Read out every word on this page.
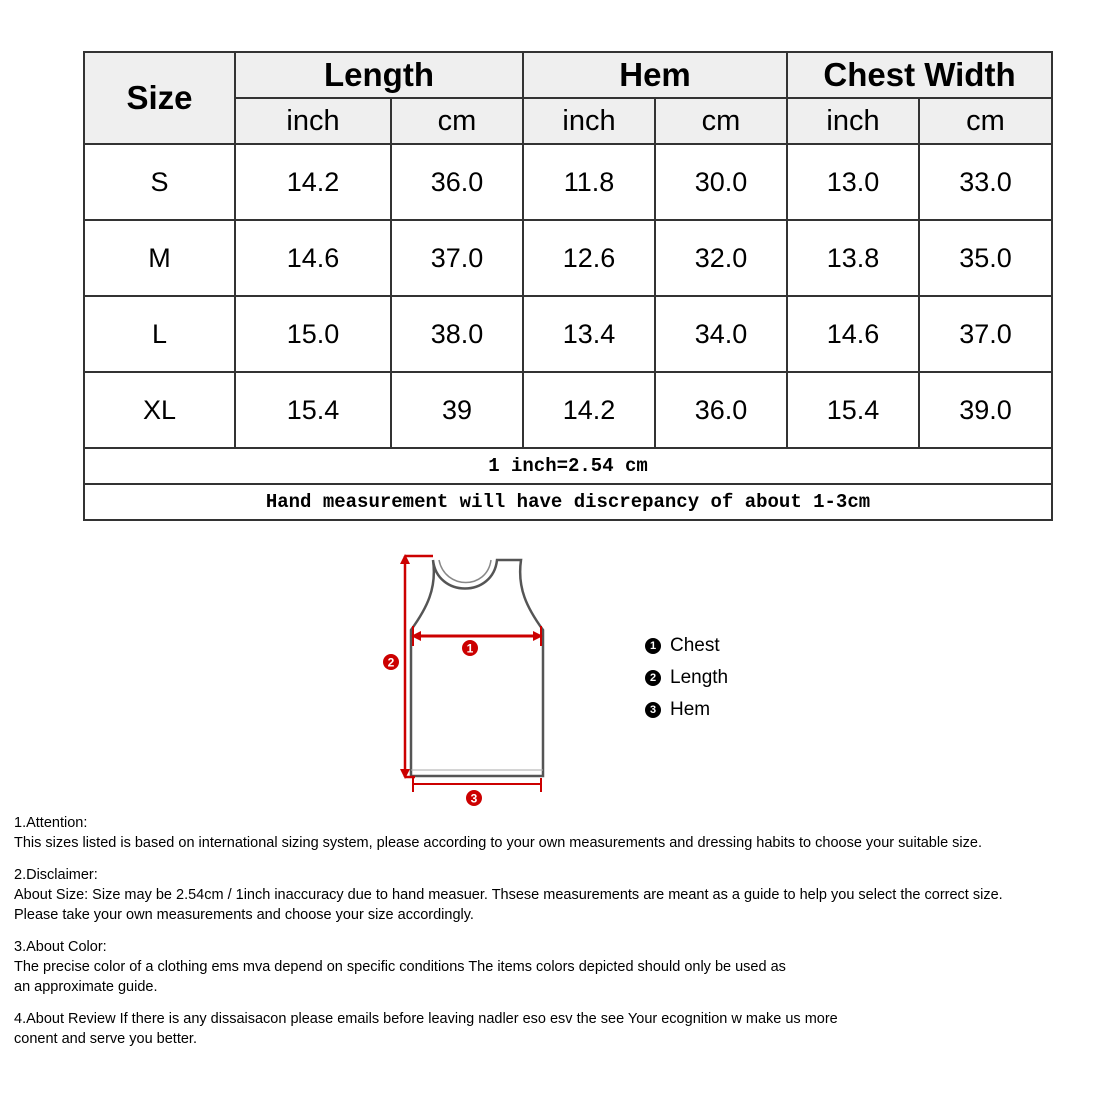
Size	Length		Hem		Chest Width	
	inch	cm	inch	cm	inch	cm
S	14.2	36.0	11.8	30.0	13.0	33.0
M	14.6	37.0	12.6	32.0	13.8	35.0
L	15.0	38.0	13.4	34.0	14.6	37.0
XL	15.4	39	14.2	36.0	15.4	39.0
1 inch=2.54 cm						
Hand measurement will have discrepancy of about 1-3cm						
1
2
3
1 Chest
2 Length
3 Hem
1.Attention:
This sizes listed is based on international sizing system, please according to your own measurements and dressing habits to choose your suitable size.
2.Disclaimer:
About Size: Size may be 2.54cm / 1inch inaccuracy due to hand measuer. Thsese measurements are meant as a guide to help you select the correct size.
Please take your own measurements and choose your size accordingly.
3.About Color:
The precise color of a clothing ems mva depend on specific conditions The items colors depicted should only be used as
an approximate guide.
4.About Review If there is any dissaisacon please emails before leaving nadler eso esv the see Your ecognition w make us more
conent and serve you better.
